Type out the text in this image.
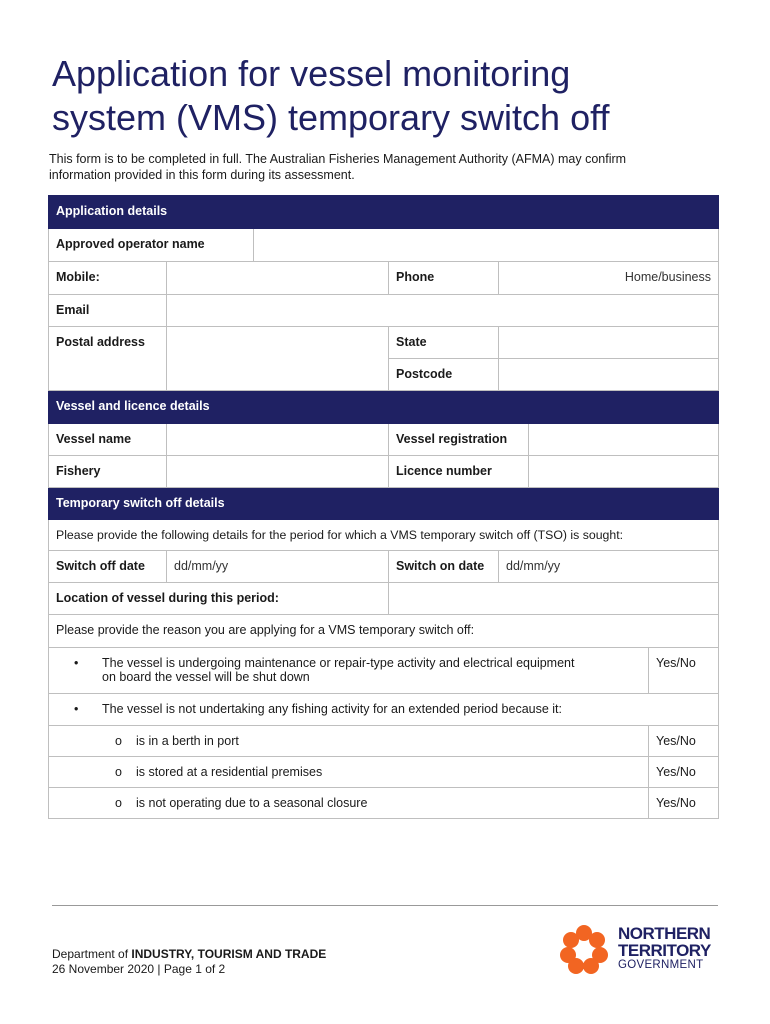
Application for vessel monitoring
system (VMS) temporary switch off
This form is to be completed in full. The Australian Fisheries Management Authority (AFMA) may confirm
information provided in this form during its assessment.
Application details						
Approved operator name						
Mobile:			Phone	Home/business		
Email						
Postal address			State			
			Postcode			
Vessel and licence details						
Vessel name			Vessel registration			
Fishery			Licence number			
Temporary switch off details						
Please provide the following details for the period for which a VMS temporary switch off (TSO) is sought:						
Switch off date	dd/mm/yy		Switch on date	dd/mm/yy		
Location of vessel during this period:						
Please provide the reason you are applying for a VMS temporary switch off:						

• The vessel is undergoing maintenance or repair-type activity and electrical equipment
on board the vessel will be shut down						Yes/No

• The vessel is not undertaking any fishing activity for an extended period because it:						

o is in a berth in port						Yes/No
o is stored at a residential premises						Yes/No
o is not operating due to a seasonal closure						Yes/No
Department of INDUSTRY, TOURISM AND TRADE
26 November 2020 | Page 1 of 2
NORTHERN
TERRITORY
GOVERNMENT
